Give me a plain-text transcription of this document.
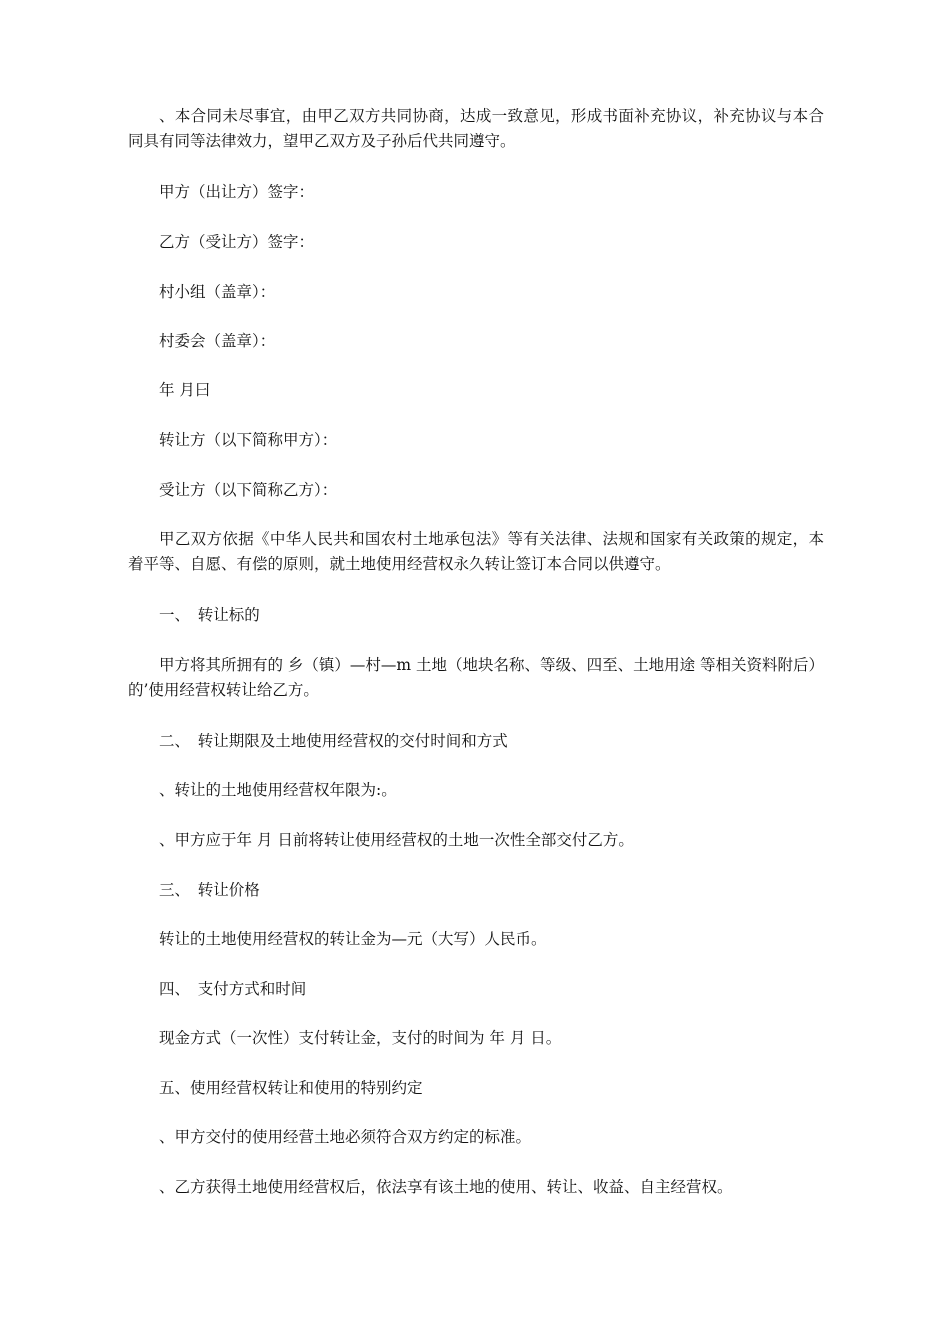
、本合同未尽事宜，由甲乙双方共同协商，达成一致意见，形成书面补充协议，补充协议与本合同具有同等法律效力，望甲乙双方及子孙后代共同遵守。

甲方（出让方）签字：

乙方（受让方）签字：

村小组（盖章）：

村委会（盖章）：

年 月曰

转让方（以下简称甲方）：

受让方（以下简称乙方）：

甲乙双方依据《中华人民共和国农村土地承包法》等有关法律、法规和国家有关政策的规定，本着平等、自愿、有偿的原则，就土地使用经营权永久转让签订本合同以供遵守。

一、　转让标的

甲方将其所拥有的 乡（镇）—村—m 土地（地块名称、等级、四至、土地用途 等相关资料附后）的’使用经营权转让给乙方。

二、　转让期限及土地使用经营权的交付时间和方式

、转让的土地使用经营权年限为:。

、甲方应于年 月 日前将转让使用经营权的土地一次性全部交付乙方。

三、　转让价格

转让的土地使用经营权的转让金为—元（大写）人民币。

四、　支付方式和时间

现金方式（一次性）支付转让金，支付的时间为 年 月 日。

五、使用经营权转让和使用的特别约定

、甲方交付的使用经营土地必须符合双方约定的标准。

、乙方获得土地使用经营权后，依法享有该土地的使用、转让、收益、自主经营权。
